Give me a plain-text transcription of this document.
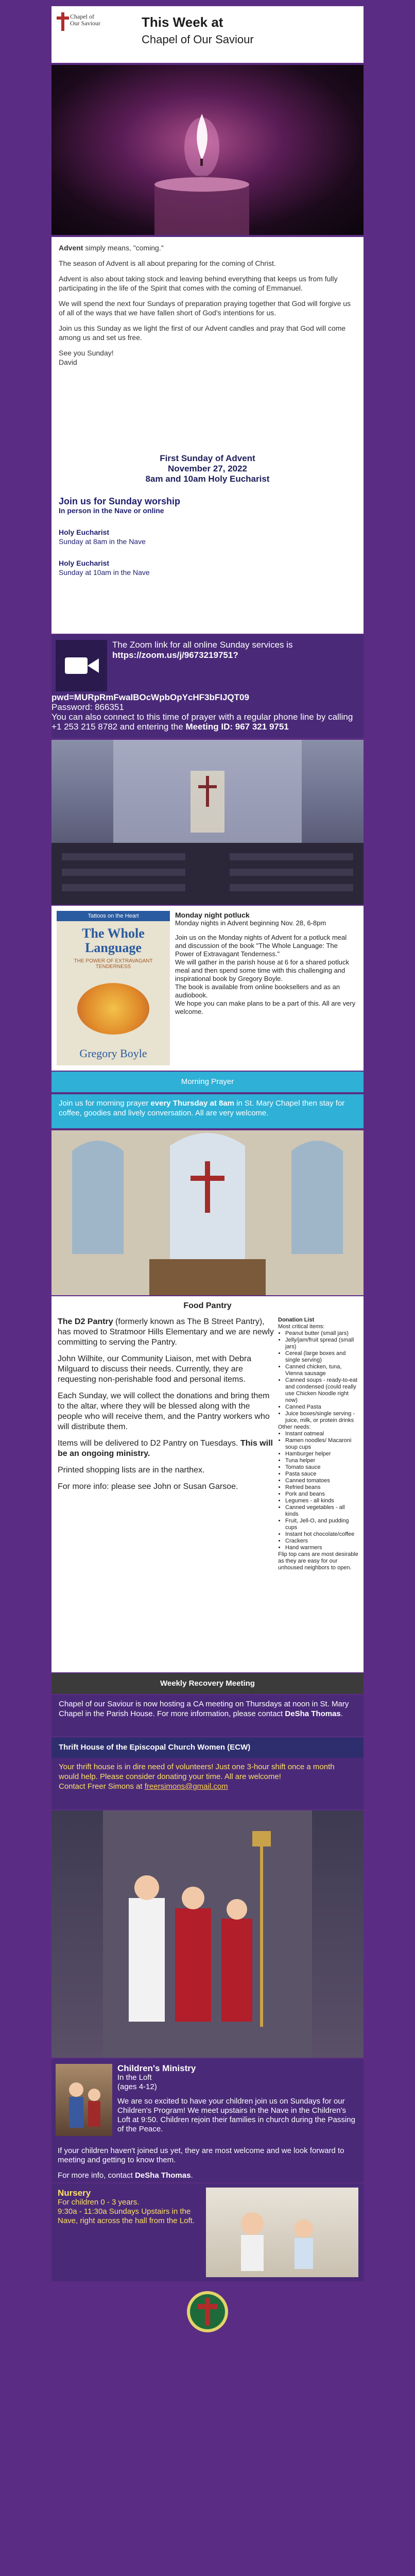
Chapel of
Our Saviour	This Week at
Chapel of Our Saviour

Advent simply means, "coming."

The season of Advent is all about preparing for the coming of Christ.

Advent is also about taking stock and leaving behind everything that keeps us from fully participating in the life of the Spirit that comes with the coming of Emmanuel.

We will spend the next four Sundays of preparation praying together that God will forgive us of all of the ways that we have fallen short of God's intentions for us.

Join us this Sunday as we light the first of our Advent candles and pray that God will come among us and set us free.

See you Sunday!

David

First Sunday of Advent
November 27, 2022
8am and 10am Holy Eucharist
Join us for Sunday worship
In person in the Nave or online
Holy Eucharist
Sunday at 8am in the Nave
Holy Eucharist
Sunday at 10am in the Nave
The Zoom link for all online Sunday services is
https://zoom.us/j/9673219751?
pwd=MURpRmFwaIBOcWpbOpYcHF3bFIJQT09
Password: 866351
You can also connect to this time of prayer with a regular phone line by calling
+1 253 215 8782 and entering the Meeting ID: 967 321 9751
Tattoos on the Heart
The Whole Language
THE POWER OF EXTRAVAGANT TENDERNESS
Gregory Boyle
Monday night potluck

Monday nights in Advent beginning Nov. 28, 6-8pm

Join us on the Monday nights of Advent for a potluck meal and discussion of the book "The Whole Language: The Power of Extravagant Tenderness."

We will gather in the parish house at 6 for a shared potluck meal and then spend some time with this challenging and inspirational book by Gregory Boyle.

The book is available from online booksellers and as an audiobook.

We hope you can make plans to be a part of this. All are very welcome.

Morning Prayer
Join us for morning prayer every Thursday at 8am in St. Mary Chapel then stay for coffee, goodies and lively conversation. All are very welcome.
Food Pantry

The D2 Pantry (formerly known as The B Street Pantry), has moved to Stratmoor Hills Elementary and we are newly committing to serving the Pantry.

John Wilhite, our Community Liaison, met with Debra Milguard to discuss their needs. Currently, they are requesting non-perishable food and personal items.

Each Sunday, we will collect the donations and bring them to the altar, where they will be blessed along with the people who will receive them, and the Pantry workers who will distribute them.

Items will be delivered to D2 Pantry on Tuesdays. This will be an ongoing ministry.

Printed shopping lists are in the narthex.

For more info: please see John or Susan Garsoe.

Donation List
Most critical items:
• Peanut butter (small jars)
• Jelly/jam/fruit spread (small jars)
• Cereal (large boxes and single serving)
• Canned chicken, tuna, Vienna sausage
• Canned soups - ready-to-eat and condensed (could really use Chicken Noodle right now)
• Canned Pasta
• Juice boxes/single serving - juice, milk, or protein drinks
Other needs:
• Instant oatmeal
• Ramen noodles/ Macaroni soup cups
• Hamburger helper
• Tuna helper
• Tomato sauce
• Pasta sauce
• Canned tomatoes
• Refried beans
• Pork and beans
• Legumes - all kinds
• Canned vegetables - all kinds
• Fruit, Jell-O, and pudding cups
• Instant hot chocolate/coffee
• Crackers
• Hand warmers
Flip top cans are most desirable as they are easy for our unhoused neighbors to open.
Weekly Recovery Meeting
Chapel of our Saviour is now hosting a CA meeting on Thursdays at noon in St. Mary Chapel in the Parish House. For more information, please contact DeSha Thomas.
Thrift House of the Episcopal Church Women (ECW)
Your thrift house is in dire need of volunteers! Just one 3-hour shift once a month would help. Please consider donating your time. All are welcome!
Contact Freer Simons at freersimons@gmail.com
Children's Ministry
In the Loft
(ages 4-12)
We are so excited to have your children join us on Sundays for our Children's Program! We meet upstairs in the Nave in the Children's Loft at 9:50. Children rejoin their families in church during the Passing of the Peace.

If your children haven't joined us yet, they are most welcome and we look forward to meeting and getting to know them.

For more info, contact DeSha Thomas.

Nursery
For children 0 - 3 years.
9:30a - 11:30a Sundays Upstairs in the Nave, right across the hall from the Loft.
